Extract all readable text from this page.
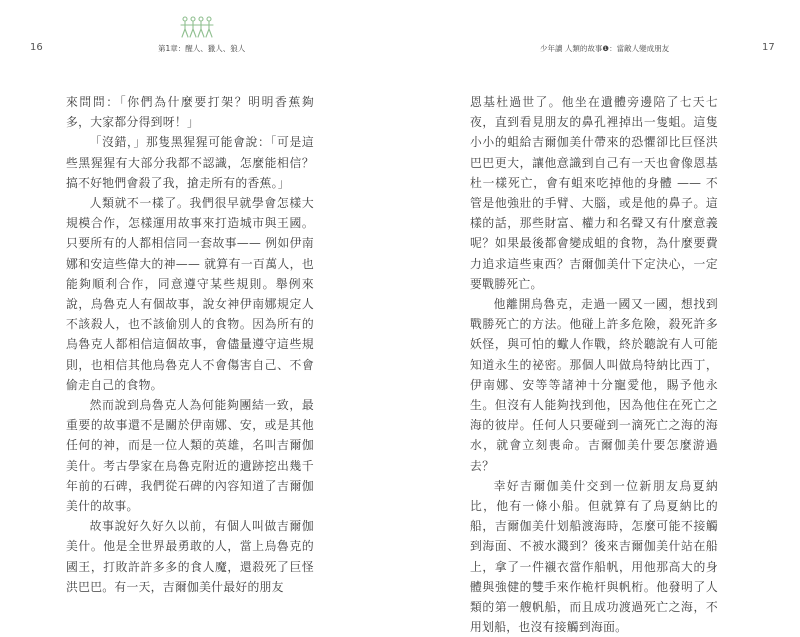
16	第1章：醒人、獵人、狼人

來問問：「你們為什麼要打架？明明香蕉夠多，大家都分得到呀！」

「沒錯，」那隻黑猩猩可能會說：「可是這些黑猩猩有大部分我都不認識，怎麼能相信？搞不好牠們會殺了我，搶走所有的香蕉。」

人類就不一樣了。我們很早就學會怎樣大規模合作，怎樣運用故事來打造城市與王國。只要所有的人都相信同一套故事—— 例如伊南娜和安這些偉大的神—— 就算有一百萬人，也能夠順利合作，同意遵守某些規則。舉例來說，烏魯克人有個故事，說女神伊南娜規定人不該殺人，也不該偷別人的食物。因為所有的烏魯克人都相信這個故事，會儘量遵守這些規則，也相信其他烏魯克人不會傷害自己、不會偷走自己的食物。

然而說到烏魯克人為何能夠團結一致，最重要的故事還不是關於伊南娜、安，或是其他任何的神，而是一位人類的英雄，名叫吉爾伽美什。考古學家在烏魯克附近的遺跡挖出幾千年前的石碑，我們從石碑的內容知道了吉爾伽美什的故事。

故事說好久好久以前，有個人叫做吉爾伽美什。他是全世界最勇敢的人，當上烏魯克的國王，打敗許許多多的食人魔，還殺死了巨怪洪巴巴。有一天，吉爾伽美什最好的朋友

少年讀 人類的故事❶：當敵人變成朋友	17

恩基杜過世了。他坐在遺體旁邊陪了七天七夜，直到看見朋友的鼻孔裡掉出一隻蛆。這隻小小的蛆給吉爾伽美什帶來的恐懼卻比巨怪洪巴巴更大，讓他意識到自己有一天也會像恩基杜一樣死亡，會有蛆來吃掉他的身體 —— 不管是他強壯的手臂、大腦，或是他的鼻子。這樣的話，那些財富、權力和名聲又有什麼意義呢？如果最後都會變成蛆的食物，為什麼要費力追求這些東西？吉爾伽美什下定決心，一定要戰勝死亡。

他離開烏魯克，走過一國又一國，想找到戰勝死亡的方法。他碰上許多危險，殺死許多妖怪，與可怕的蠍人作戰，終於聽說有人可能知道永生的祕密。那個人叫做烏特納比西丁，伊南娜、安等等諸神十分寵愛他，賜予他永生。但沒有人能夠找到他，因為他住在死亡之海的彼岸。任何人只要碰到一滴死亡之海的海水，就會立刻喪命。吉爾伽美什要怎麼游過去？

幸好吉爾伽美什交到一位新朋友烏夏納比，他有一條小船。但就算有了烏夏納比的船，吉爾伽美什划船渡海時，怎麼可能不接觸到海面、不被水濺到？後來吉爾伽美什站在船上，拿了一件襯衣當作船帆，用他那高大的身體與強健的雙手來作桅杆與帆桁。他發明了人類的第一艘帆船，而且成功渡過死亡之海，不用划船，也沒有接觸到海面。
